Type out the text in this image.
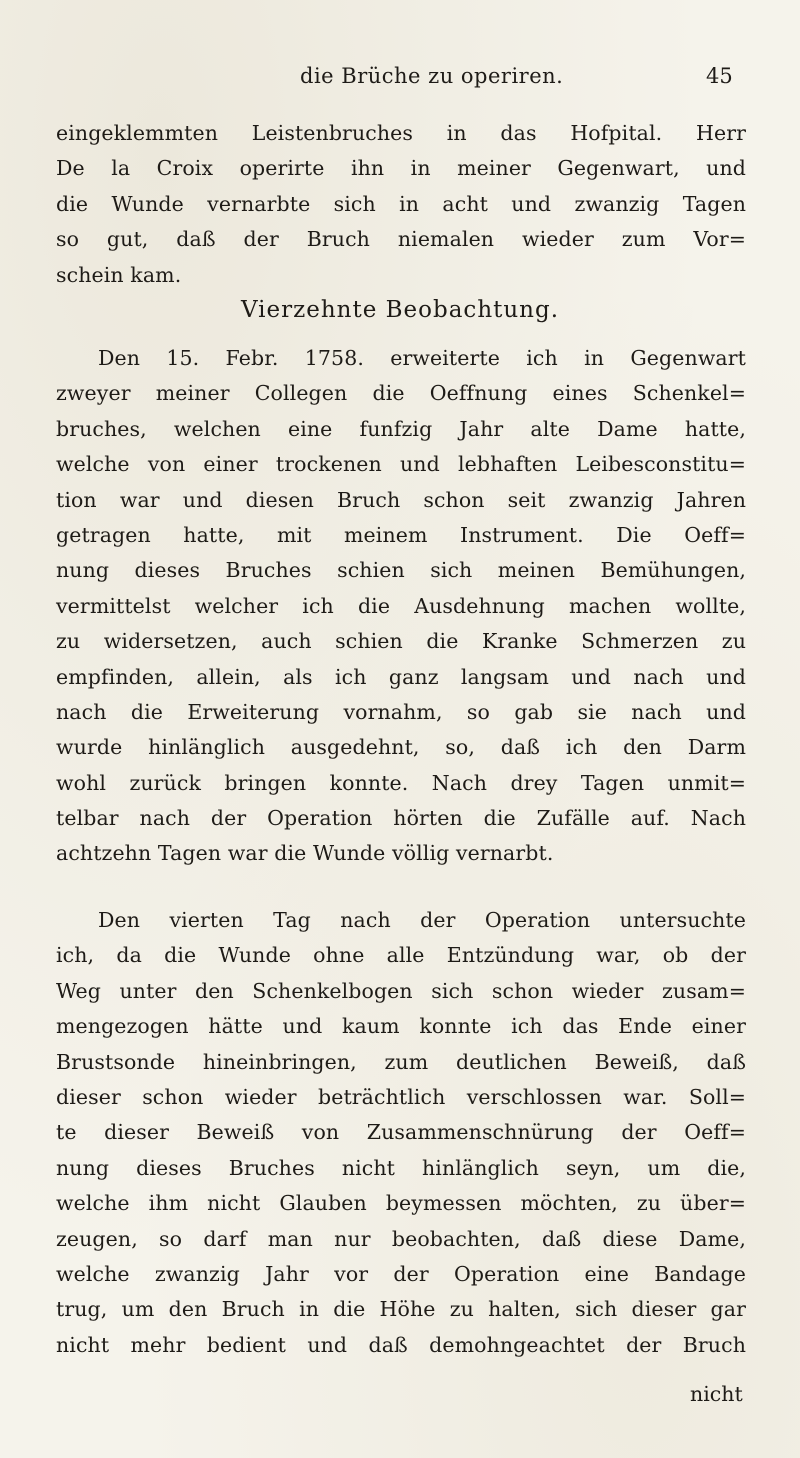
die Brüche zu operiren.	45
eingeklemmten Leistenbruches in das Hofpital. Herr
De la Croix operirte ihn in meiner Gegenwart, und
die Wunde vernarbte sich in acht und zwanzig Tagen
so gut, daß der Bruch niemalen wieder zum Vor=
schein kam.
Vierzehnte Beobachtung.
Den 15. Febr. 1758. erweiterte ich in Gegenwart
zweyer meiner Collegen die Oeffnung eines Schenkel=
bruches, welchen eine funfzig Jahr alte Dame hatte,
welche von einer trockenen und lebhaften Leibesconstitu=
tion war und diesen Bruch schon seit zwanzig Jahren
getragen hatte, mit meinem Instrument. Die Oeff=
nung dieses Bruches schien sich meinen Bemühungen,
vermittelst welcher ich die Ausdehnung machen wollte,
zu widersetzen, auch schien die Kranke Schmerzen zu
empfinden, allein, als ich ganz langsam und nach und
nach die Erweiterung vornahm, so gab sie nach und
wurde hinlänglich ausgedehnt, so, daß ich den Darm
wohl zurück bringen konnte. Nach drey Tagen unmit=
telbar nach der Operation hörten die Zufälle auf. Nach
achtzehn Tagen war die Wunde völlig vernarbt.
Den vierten Tag nach der Operation untersuchte
ich, da die Wunde ohne alle Entzündung war, ob der
Weg unter den Schenkelbogen sich schon wieder zusam=
mengezogen hätte und kaum konnte ich das Ende einer
Brustsonde hineinbringen, zum deutlichen Beweiß, daß
dieser schon wieder beträchtlich verschlossen war. Soll=
te dieser Beweiß von Zusammenschnürung der Oeff=
nung dieses Bruches nicht hinlänglich seyn, um die,
welche ihm nicht Glauben beymessen möchten, zu über=
zeugen, so darf man nur beobachten, daß diese Dame,
welche zwanzig Jahr vor der Operation eine Bandage
trug, um den Bruch in die Höhe zu halten, sich dieser gar
nicht mehr bedient und daß demohngeachtet der Bruch
nicht
